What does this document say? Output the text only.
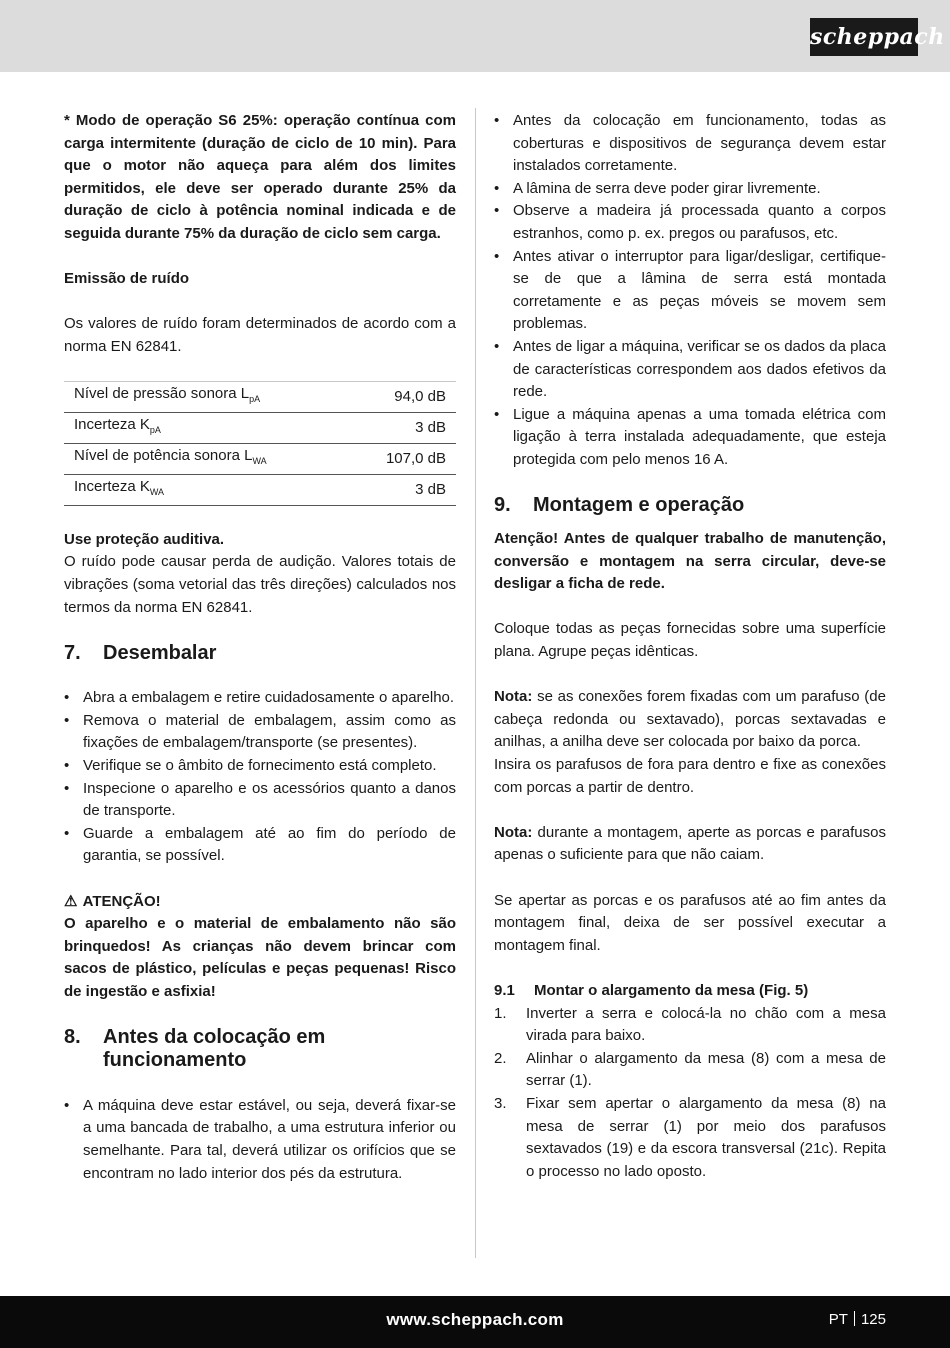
scheppach

* Modo de operação S6 25%: operação contínua com carga intermitente (duração de ciclo de 10 min). Para que o motor não aqueça para além dos limites permitidos, ele deve ser operado durante 25% da duração de ciclo à potência nominal indicada e de seguida durante 75% da duração de ciclo sem carga.

Emissão de ruído

Os valores de ruído foram determinados de acordo com a norma EN 62841.

Nível de pressão sonora $L_{pA}$	94,0 dB
Incerteza $K_{pA}$	3 dB
Nível de potência sonora $L_{WA}$	107,0 dB
Incerteza $K_{WA}$	3 dB

Use proteção auditiva.

O ruído pode causar perda de audição. Valores totais de vibrações (soma vetorial das três direções) calculados nos termos da norma EN 62841.

7. Desembalar
• Abra a embalagem e retire cuidadosamente o aparelho.
• Remova o material de embalagem, assim como as fixações de embalagem/transporte (se presentes).
• Verifique se o âmbito de fornecimento está completo.
• Inspecione o aparelho e os acessórios quanto a danos de transporte.
• Guarde a embalagem até ao fim do período de garantia, se possível.

⚠ ATENÇÃO!

O aparelho e o material de embalamento não são brinquedos! As crianças não devem brincar com sacos de plástico, películas e peças pequenas! Risco de ingestão e asfixia!

8. Antes da colocação em funcionamento
• A máquina deve estar estável, ou seja, deverá fixar-se a uma bancada de trabalho, a uma estrutura inferior ou semelhante. Para tal, deverá utilizar os orifícios que se encontram no lado interior dos pés da estrutura.
• Antes da colocação em funcionamento, todas as coberturas e dispositivos de segurança devem estar instalados corretamente.
• A lâmina de serra deve poder girar livremente.
• Observe a madeira já processada quanto a corpos estranhos, como p. ex. pregos ou parafusos, etc.
• Antes ativar o interruptor para ligar/desligar, certifique-se de que a lâmina de serra está montada corretamente e as peças móveis se movem sem problemas.
• Antes de ligar a máquina, verificar se os dados da placa de características correspondem aos dados efetivos da rede.
• Ligue a máquina apenas a uma tomada elétrica com ligação à terra instalada adequadamente, que esteja protegida com pelo menos 16 A.
9. Montagem e operação

Atenção! Antes de qualquer trabalho de manutenção, conversão e montagem na serra circular, deve-se desligar a ficha de rede.

Coloque todas as peças fornecidas sobre uma superfície plana. Agrupe peças idênticas.

Nota: se as conexões forem fixadas com um parafuso (de cabeça redonda ou sextavado), porcas sextavadas e anilhas, a anilha deve ser colocada por baixo da porca.

Insira os parafusos de fora para dentro e fixe as conexões com porcas a partir de dentro.

Nota: durante a montagem, aperte as porcas e parafusos apenas o suficiente para que não caiam.

Se apertar as porcas e os parafusos até ao fim antes da montagem final, deixa de ser possível executar a montagem final.

9.1 Montar o alargamento da mesa (Fig. 5)
1. Inverter a serra e colocá-la no chão com a mesa virada para baixo.
2. Alinhar o alargamento da mesa (8) com a mesa de serrar (1).
3. Fixar sem apertar o alargamento da mesa (8) na mesa de serrar (1) por meio dos parafusos sextavados (19) e da escora transversal (21c). Repita o processo no lado oposto.
www.scheppach.com	PT 125
